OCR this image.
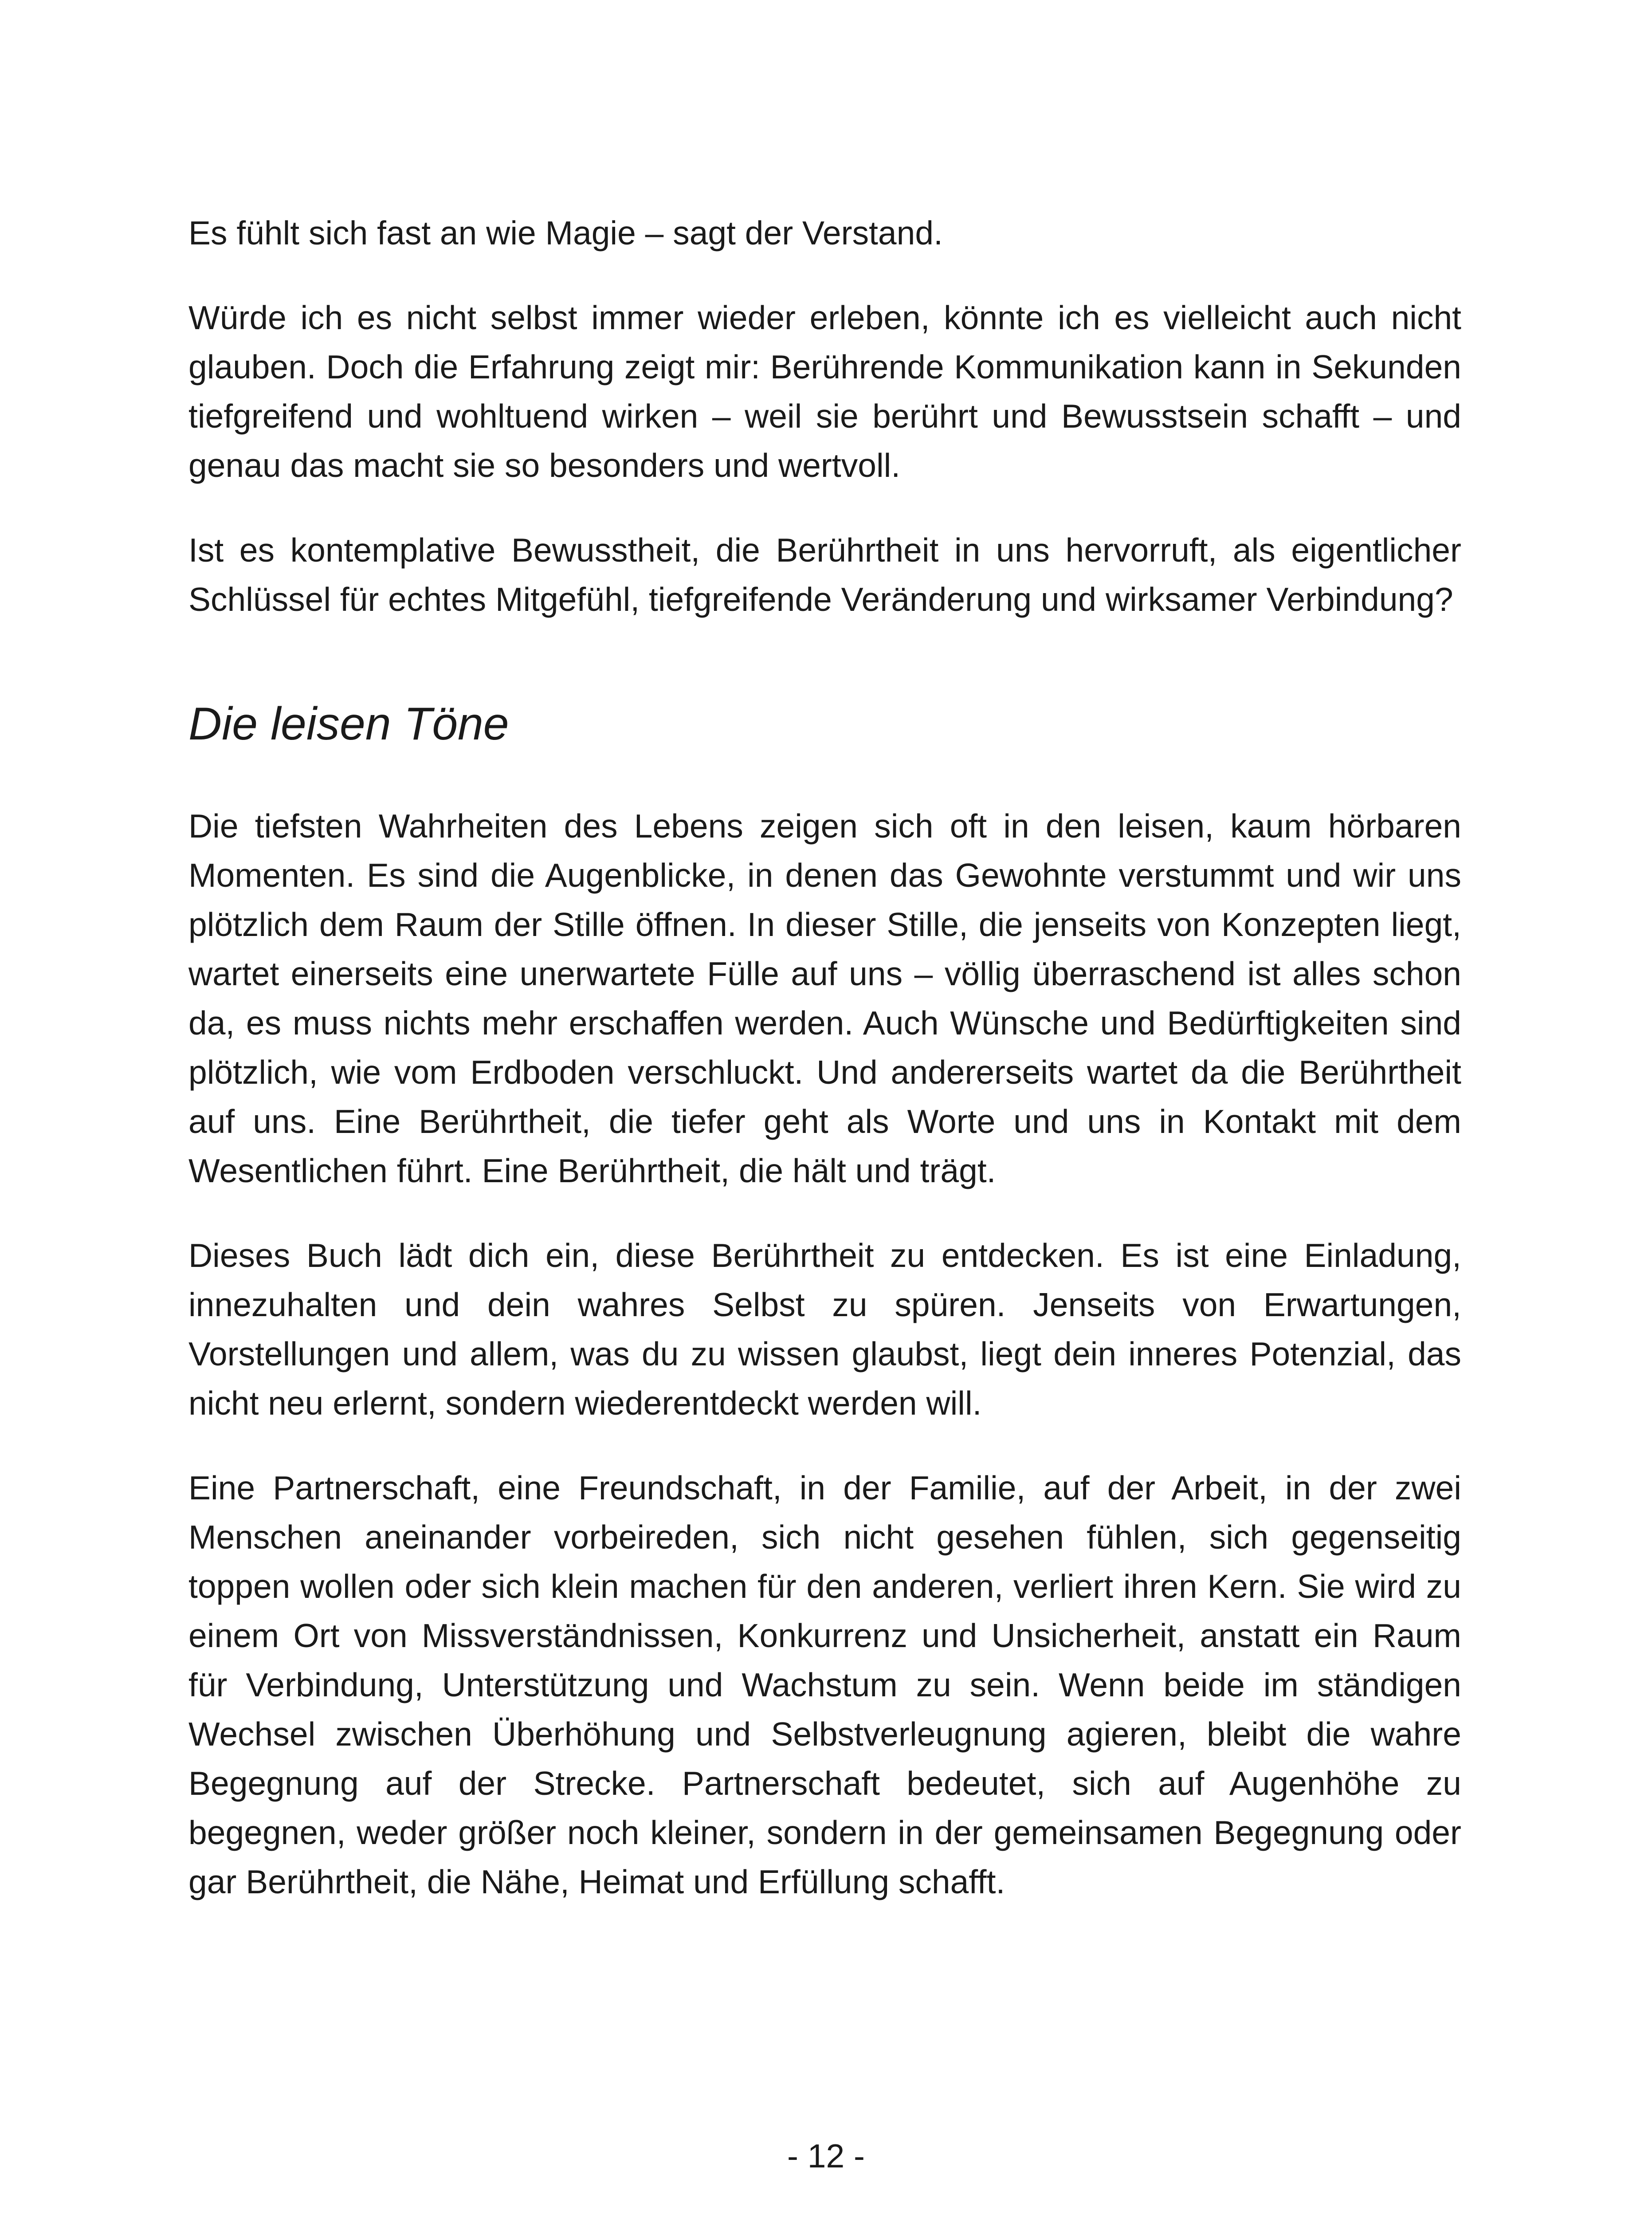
Es fühlt sich fast an wie Magie – sagt der Verstand.

Würde ich es nicht selbst immer wieder erleben, könnte ich es vielleicht auch nicht glauben. Doch die Erfahrung zeigt mir: Berührende Kommunikation kann in Sekunden tiefgreifend und wohltuend wirken – weil sie berührt und Bewusstsein schafft – und genau das macht sie so besonders und wertvoll.

Ist es kontemplative Bewusstheit, die Berührtheit in uns hervorruft, als eigentlicher Schlüssel für echtes Mitgefühl, tiefgreifende Veränderung und wirksamer Verbindung?

Die leisen Töne

Die tiefsten Wahrheiten des Lebens zeigen sich oft in den leisen, kaum hörbaren Momenten. Es sind die Augenblicke, in denen das Gewohnte verstummt und wir uns plötzlich dem Raum der Stille öffnen. In dieser Stille, die jenseits von Konzepten liegt, wartet einerseits eine unerwartete Fülle auf uns – völlig überraschend ist alles schon da, es muss nichts mehr erschaffen werden. Auch Wünsche und Bedürftigkeiten sind plötzlich, wie vom Erdboden verschluckt. Und andererseits wartet da die Berührtheit auf uns. Eine Berührtheit, die tiefer geht als Worte und uns in Kontakt mit dem Wesentlichen führt. Eine Berührtheit, die hält und trägt.

Dieses Buch lädt dich ein, diese Berührtheit zu entdecken. Es ist eine Einladung, innezuhalten und dein wahres Selbst zu spüren. Jenseits von Erwartungen, Vorstellungen und allem, was du zu wissen glaubst, liegt dein inneres Potenzial, das nicht neu erlernt, sondern wiederentdeckt werden will.

Eine Partnerschaft, eine Freundschaft, in der Familie, auf der Arbeit, in der zwei Menschen aneinander vorbeireden, sich nicht gesehen fühlen, sich gegenseitig toppen wollen oder sich klein machen für den anderen, verliert ihren Kern. Sie wird zu einem Ort von Missverständnissen, Konkurrenz und Unsicherheit, anstatt ein Raum für Verbindung, Unterstützung und Wachstum zu sein. Wenn beide im ständigen Wechsel zwischen Überhöhung und Selbstverleugnung agieren, bleibt die wahre Begegnung auf der Strecke. Partnerschaft bedeutet, sich auf Augenhöhe zu begegnen, weder größer noch kleiner, sondern in der gemeinsamen Begegnung oder gar Berührtheit, die Nähe, Heimat und Erfüllung schafft.

- 12 -
